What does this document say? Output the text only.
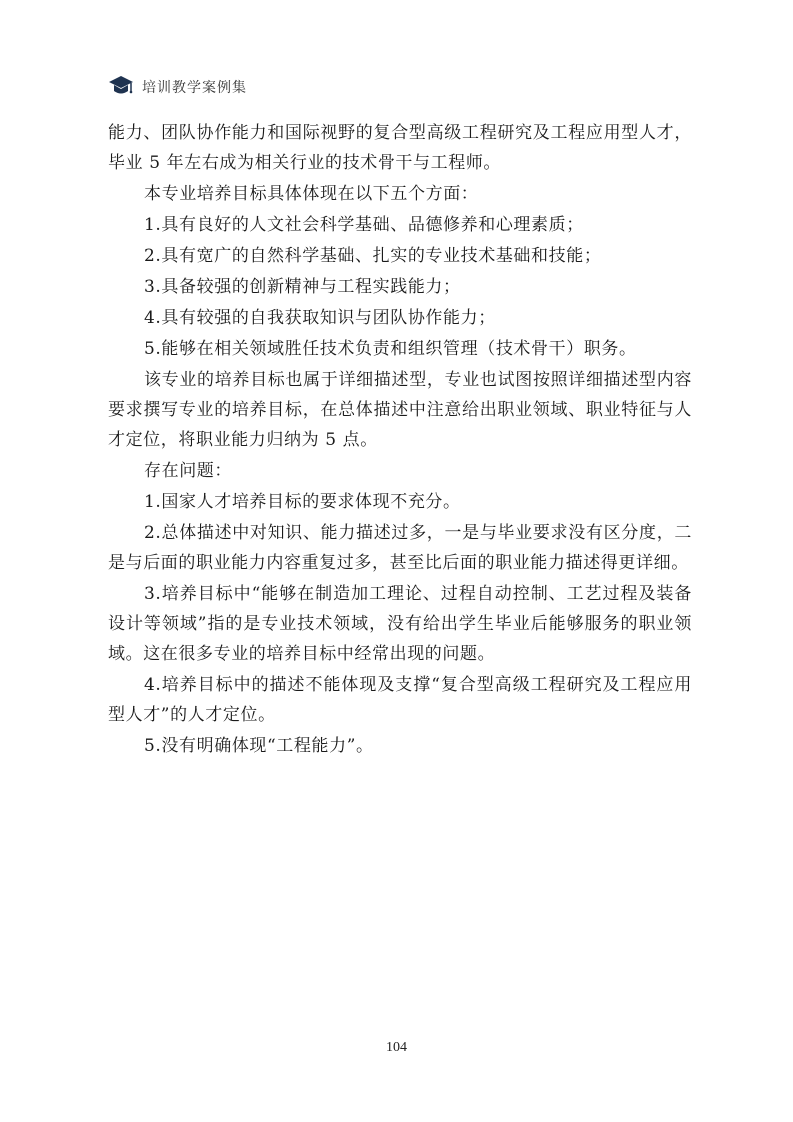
培训教学案例集

能力、团队协作能力和国际视野的复合型高级工程研究及工程应用型人才，毕业 5 年左右成为相关行业的技术骨干与工程师。

本专业培养目标具体体现在以下五个方面：

1.具有良好的人文社会科学基础、品德修养和心理素质；

2.具有宽广的自然科学基础、扎实的专业技术基础和技能；

3.具备较强的创新精神与工程实践能力；

4.具有较强的自我获取知识与团队协作能力；

5.能够在相关领域胜任技术负责和组织管理（技术骨干）职务。

该专业的培养目标也属于详细描述型，专业也试图按照详细描述型内容要求撰写专业的培养目标，在总体描述中注意给出职业领域、职业特征与人才定位，将职业能力归纳为 5 点。

存在问题：

1.国家人才培养目标的要求体现不充分。

2.总体描述中对知识、能力描述过多，一是与毕业要求没有区分度，二是与后面的职业能力内容重复过多，甚至比后面的职业能力描述得更详细。

3.培养目标中“能够在制造加工理论、过程自动控制、工艺过程及装备设计等领域”指的是专业技术领域，没有给出学生毕业后能够服务的职业领域。这在很多专业的培养目标中经常出现的问题。

4.培养目标中的描述不能体现及支撑“复合型高级工程研究及工程应用型人才”的人才定位。

5.没有明确体现“工程能力”。

104
